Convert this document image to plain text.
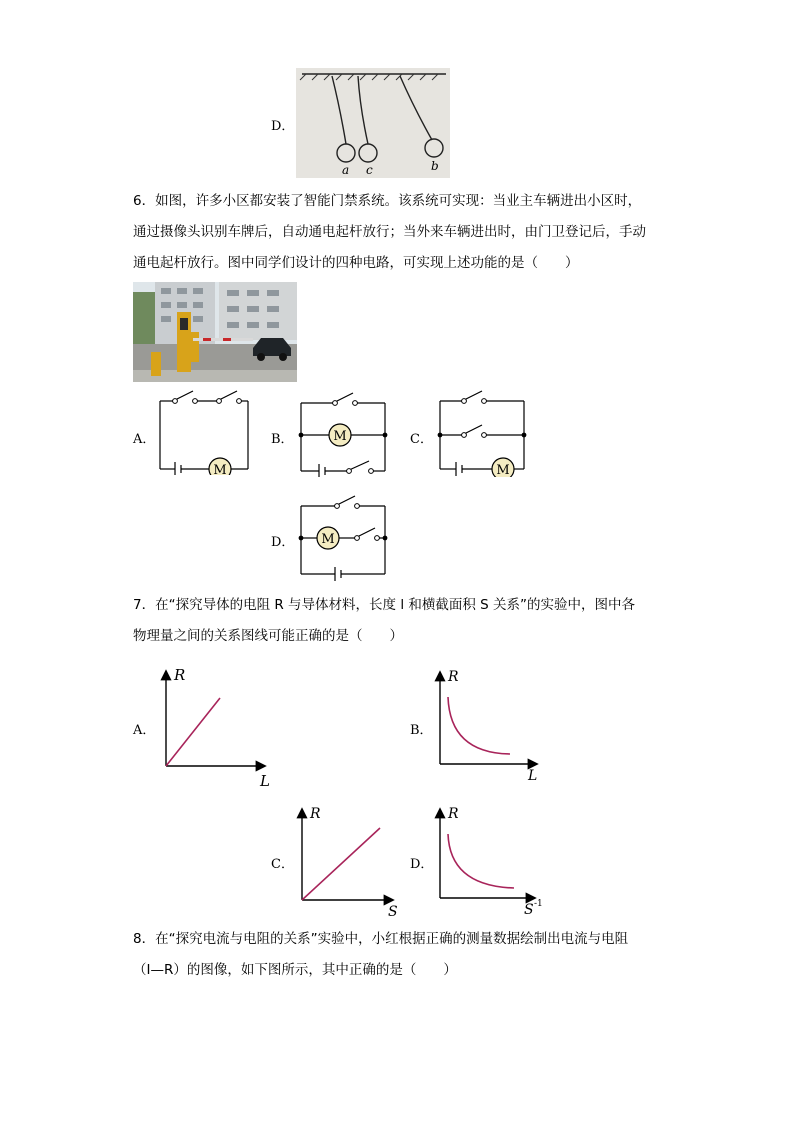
D．
a c	b
6．如图，许多小区都安装了智能门禁系统。该系统可实现：当业主车辆进出小区时，
通过摄像头识别车牌后，自动通电起杆放行；当外来车辆进出时，由门卫登记后，手动
通电起杆放行。图中同学们设计的四种电路，可实现上述功能的是（　　）
A．
M
B．	M	C．
M
D． M
7．在“探究导体的电阻 R 与导体材料，长度 l 和横截面积 S 关系”的实验中，图中各
物理量之间的关系图线可能正确的是（　　）
A．
R
L
B．
R
L
C．
R
S
D．
R
S -1
8．在“探究电流与电阻的关系”实验中，小红根据正确的测量数据绘制出电流与电阻
（I—R）的图像，如下图所示，其中正确的是（　　）
